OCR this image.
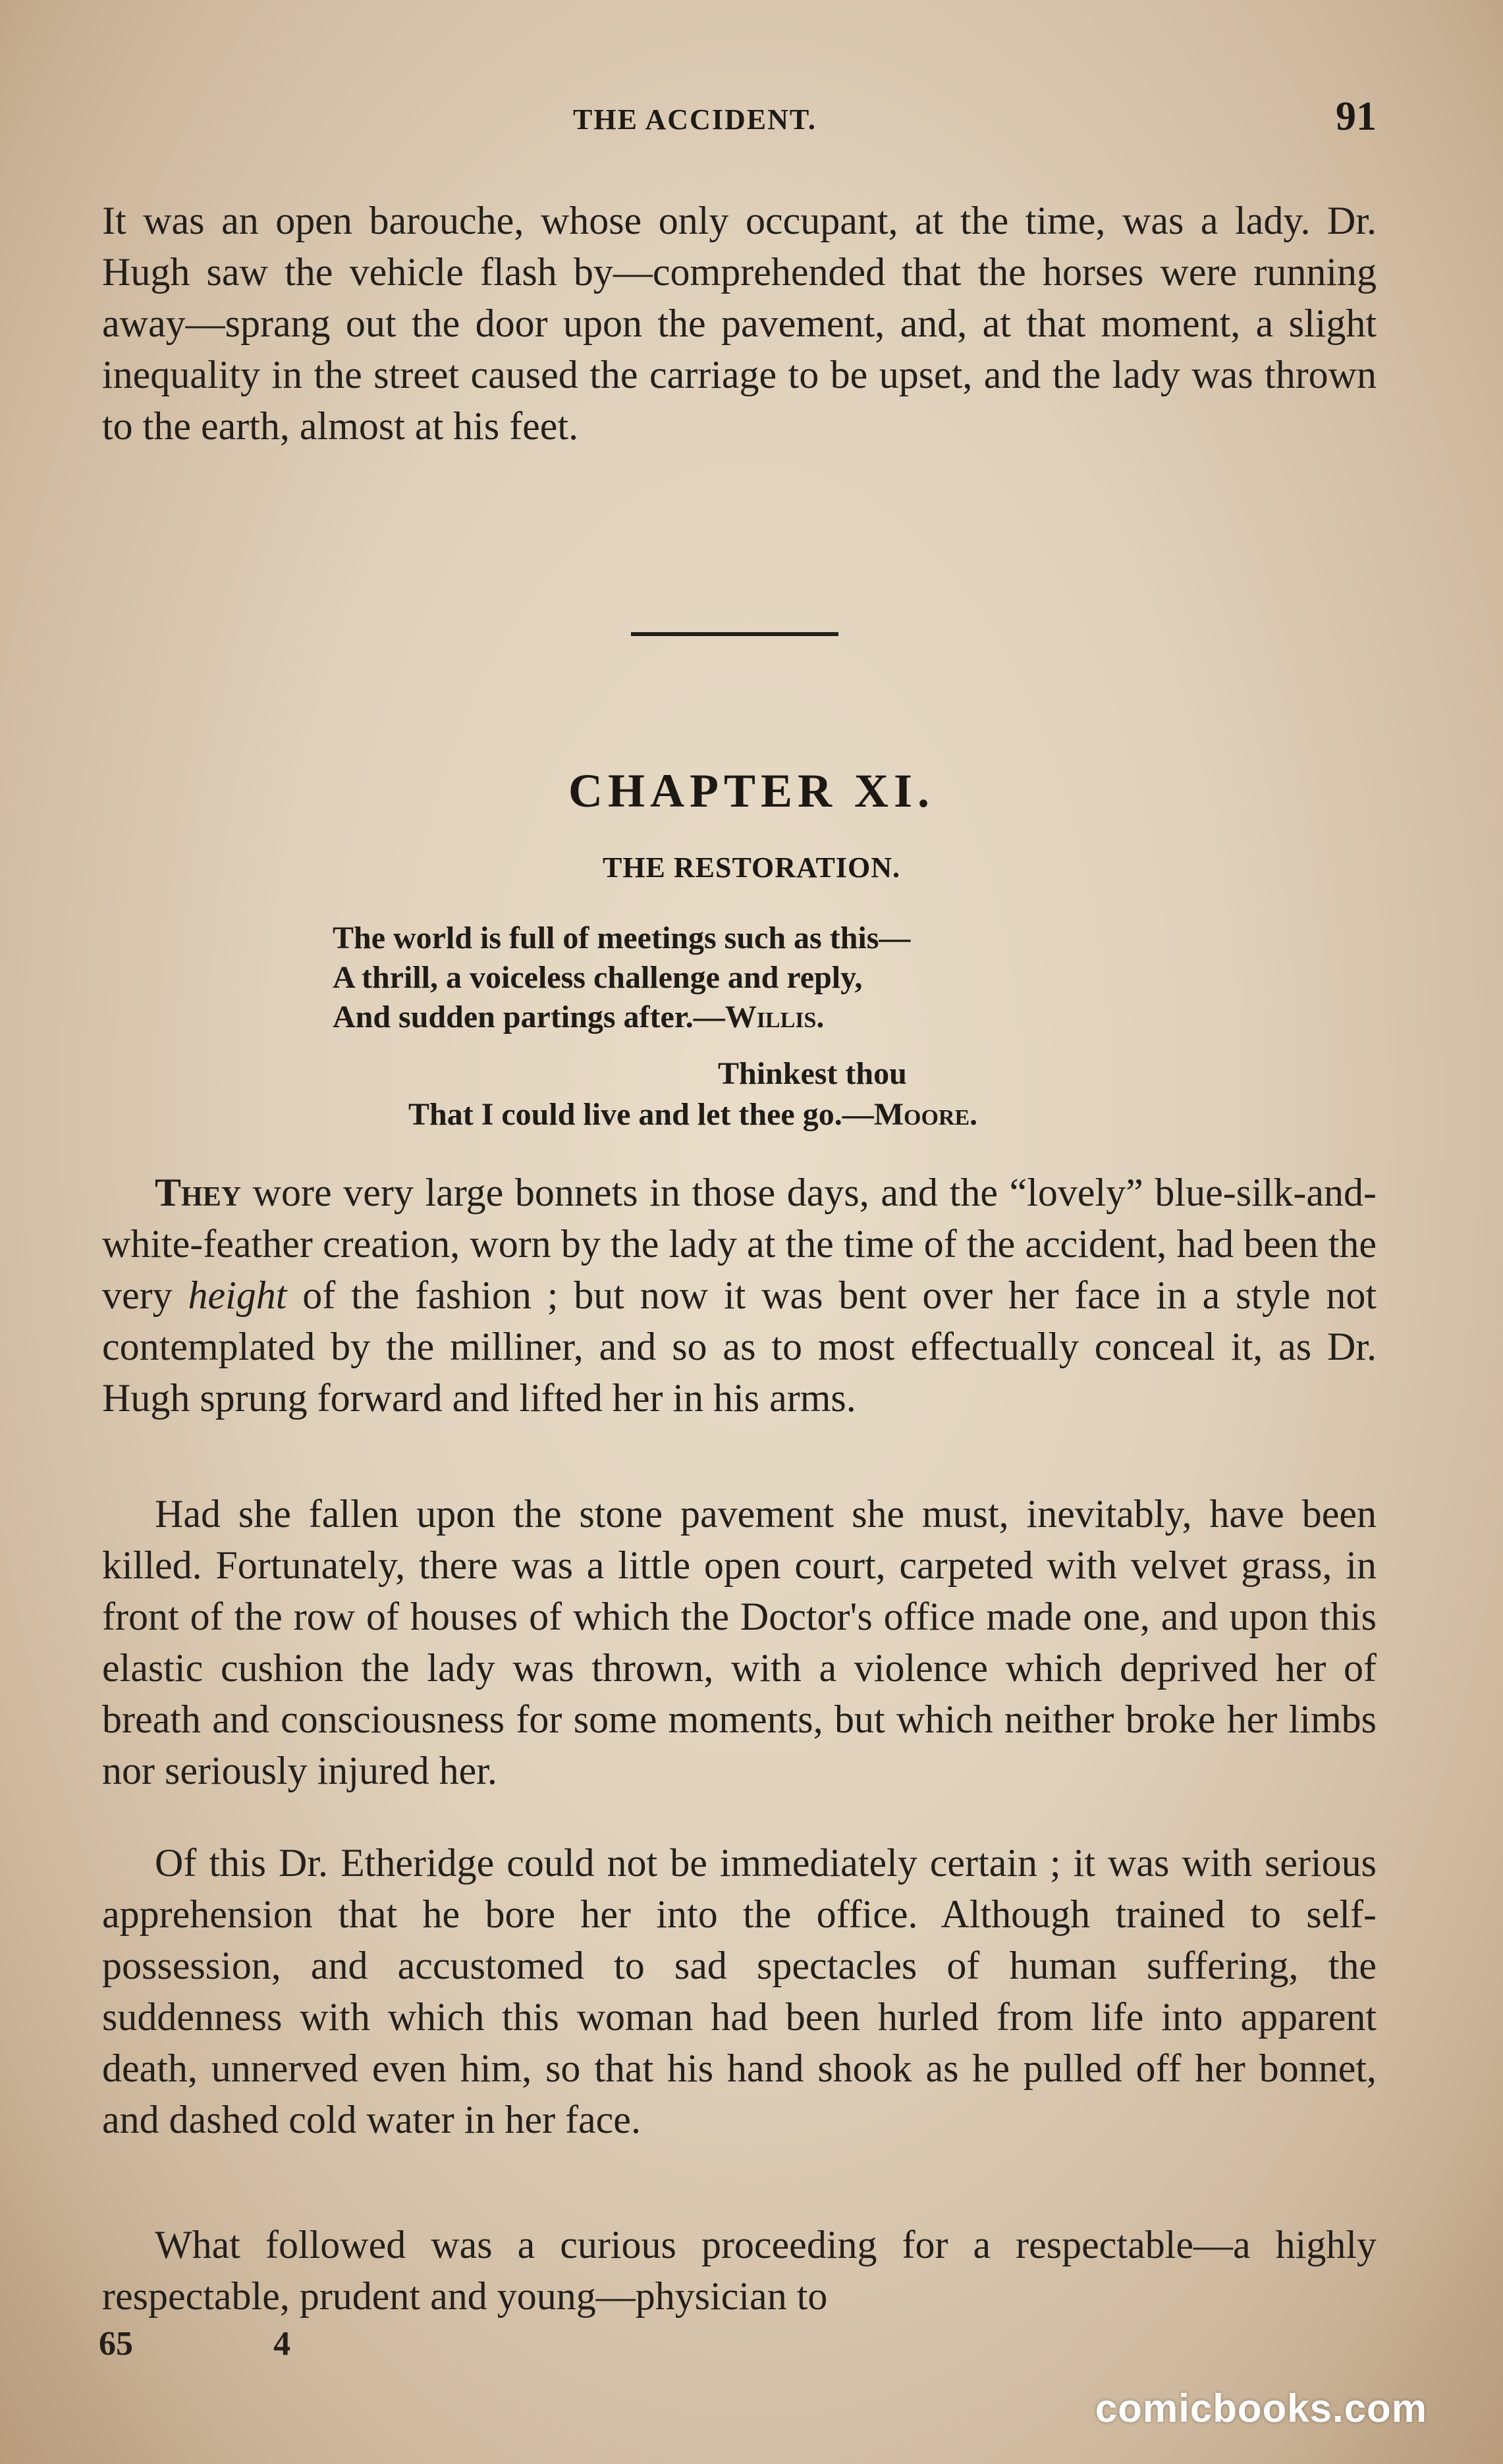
THE ACCIDENT.	91

It was an open barouche, whose only occupant, at the time, was a lady. Dr. Hugh saw the vehicle flash by—comprehended that the horses were running away—sprang out the door upon the pavement, and, at that moment, a slight inequality in the street caused the carriage to be upset, and the lady was thrown to the earth, almost at his feet.

CHAPTER XI.
THE RESTORATION.
The world is full of meetings such as this—
A thrill, a voiceless challenge and reply,
And sudden partings after.—Willis.
Thinkest thou
That I could live and let thee go.—Moore.

They wore very large bonnets in those days, and the “lovely” blue-silk-and-white-feather creation, worn by the lady at the time of the accident, had been the very height of the fashion ; but now it was bent over her face in a style not contemplated by the milliner, and so as to most effectually conceal it, as Dr. Hugh sprung forward and lifted her in his arms.

Had she fallen upon the stone pavement she must, inevitably, have been killed. Fortunately, there was a little open court, carpeted with velvet grass, in front of the row of houses of which the Doctor's office made one, and upon this elastic cushion the lady was thrown, with a violence which deprived her of breath and consciousness for some moments, but which neither broke her limbs nor seriously injured her.

Of this Dr. Etheridge could not be immediately certain ; it was with serious apprehension that he bore her into the office. Although trained to self-possession, and accustomed to sad spectacles of human suffering, the suddenness with which this woman had been hurled from life into apparent death, unnerved even him, so that his hand shook as he pulled off her bonnet, and dashed cold water in her face.

What followed was a curious proceeding for a respectable—a highly respectable, prudent and young—physician to

65	4
comicbooks.com
